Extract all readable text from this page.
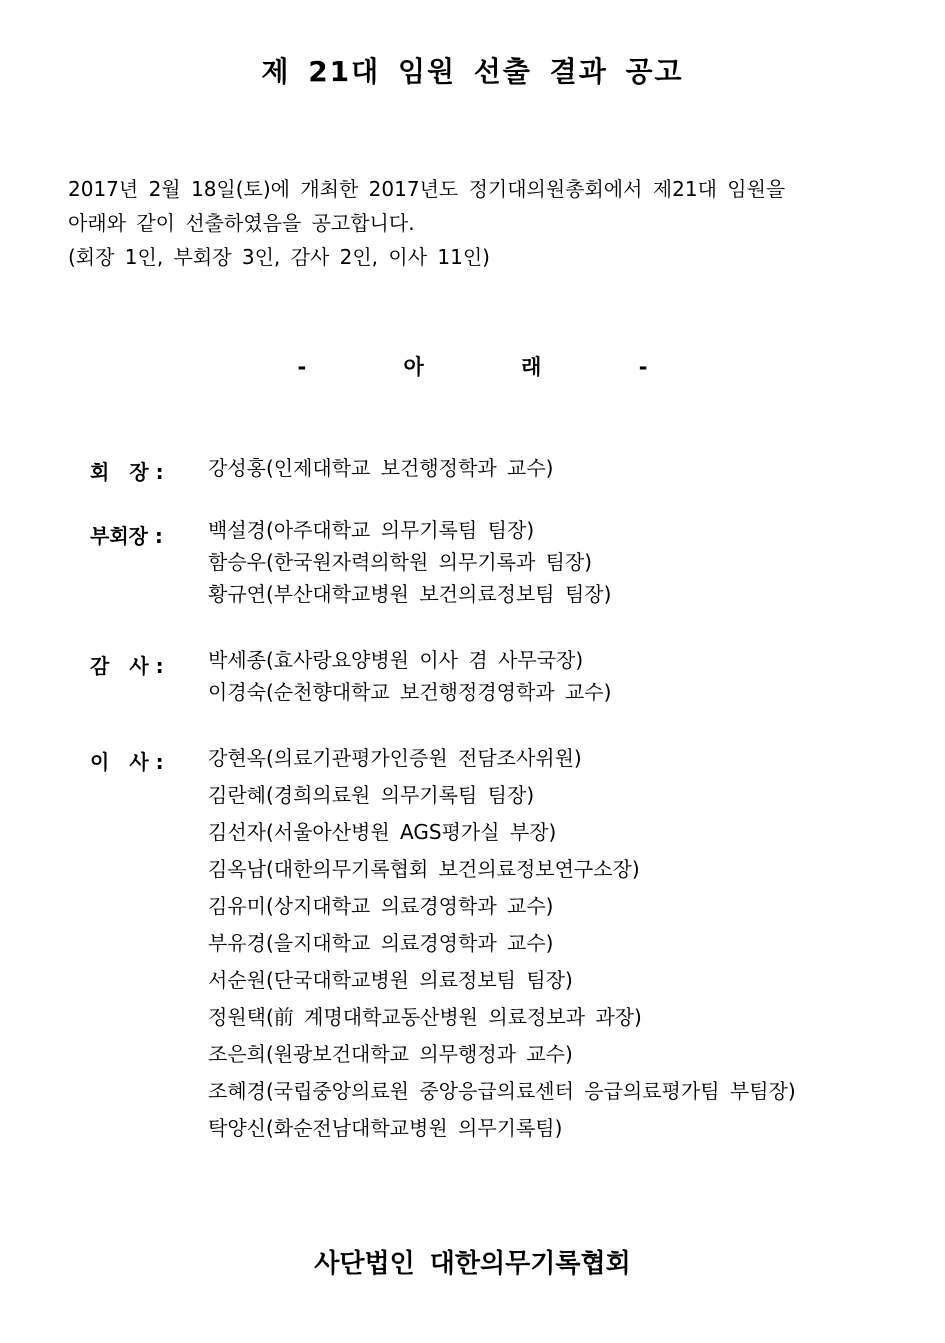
제 21대 임원 선출 결과 공고
2017년 2월 18일(토)에 개최한 2017년도 정기대의원총회에서 제21대 임원을
아래와 같이 선출하였음을 공고합니다.
(회장 1인, 부회장 3인, 감사 2인, 이사 11인)
- 아 래 -
회　장 :	강성홍(인제대학교 보건행정학과 교수)
부회장 :	백설경(아주대학교 의무기록팀 팀장)
함승우(한국원자력의학원 의무기록과 팀장)
황규연(부산대학교병원 보건의료정보팀 팀장)
감　사 :	박세종(효사랑요양병원 이사 겸 사무국장)
이경숙(순천향대학교 보건행정경영학과 교수)
이　사 :	강현옥(의료기관평가인증원 전담조사위원)
김란혜(경희의료원 의무기록팀 팀장)
김선자(서울아산병원 AGS평가실 부장)
김옥남(대한의무기록협회 보건의료정보연구소장)
김유미(상지대학교 의료경영학과 교수)
부유경(을지대학교 의료경영학과 교수)
서순원(단국대학교병원 의료정보팀 팀장)
정원택(前 계명대학교동산병원 의료정보과 과장)
조은희(원광보건대학교 의무행정과 교수)
조혜경(국립중앙의료원 중앙응급의료센터 응급의료평가팀 부팀장)
탁양신(화순전남대학교병원 의무기록팀)
사단법인 대한의무기록협회
